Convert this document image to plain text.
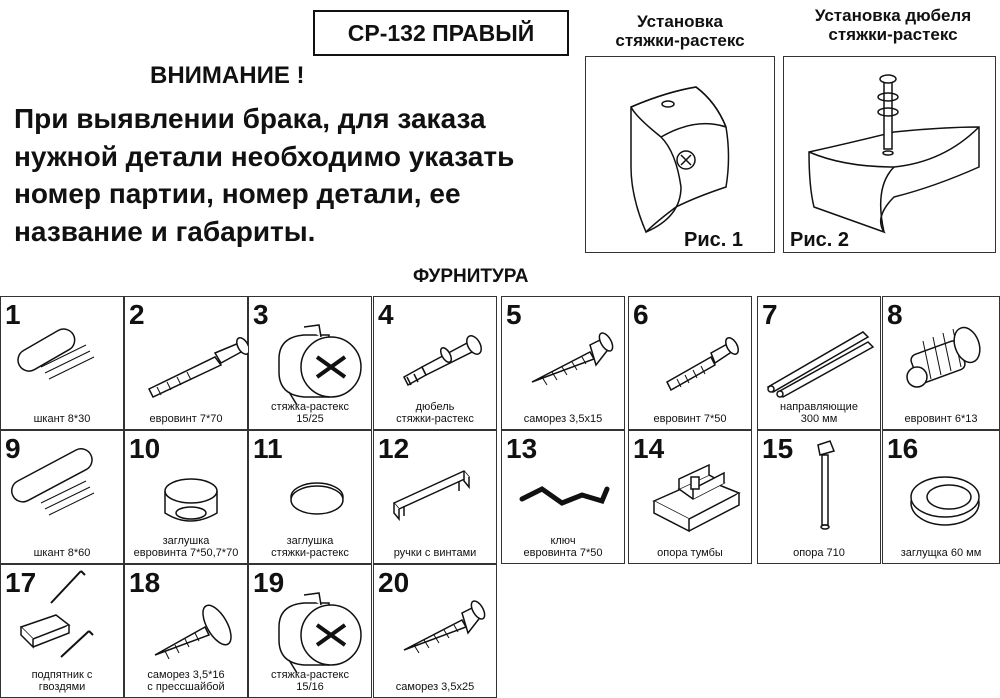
СР-132 ПРАВЫЙ
ВНИМАНИЕ !
При выявлении брака, для заказа
нужной детали необходимо указать
номер партии, номер детали, ее
название и габариты.
Установка
стяжки-растекс
Рис. 1
Установка дюбеля
стяжки-растекс
Рис. 2
ФУРНИТУРА
1
шкант 8*30
2
евровинт 7*70
3
стяжка-растекс
15/25
4
дюбель
стяжки-растекс
5
саморез 3,5х15
6
евровинт 7*50
7
направляющие
300 мм
8
евровинт 6*13
9
шкант 8*60
10
заглушка
евровинта 7*50,7*70
11
заглушка
стяжки-растекс
12
ручки с винтами
13
ключ
евровинта 7*50
14
опора тумбы
15
опора 710
16
заглущка 60 мм
17
подпятник с
гвоздями
18
саморез 3,5*16
с прессшайбой
19
стяжка-растекс
15/16
20
саморез 3,5х25
